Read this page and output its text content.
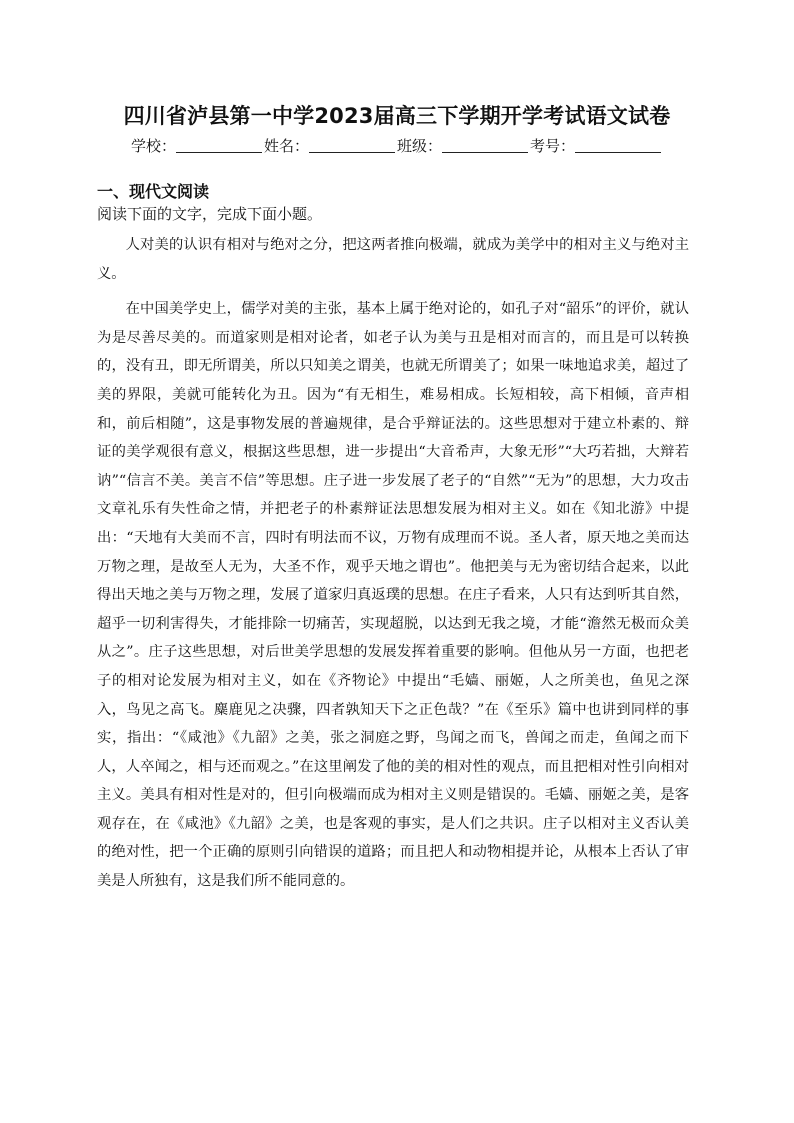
四川省泸县第一中学2023届高三下学期开学考试语文试卷
学校：	姓名：	班级：	考号：
一、现代文阅读
阅读下面的文字，完成下面小题。

人对美的认识有相对与绝对之分，把这两者推向极端，就成为美学中的相对主义与绝对主义。

在中国美学史上，儒学对美的主张，基本上属于绝对论的，如孔子对“韶乐”的评价，就认为是尽善尽美的。而道家则是相对论者，如老子认为美与丑是相对而言的，而且是可以转换的，没有丑，即无所谓美，所以只知美之谓美，也就无所谓美了；如果一味地追求美，超过了美的界限，美就可能转化为丑。因为“有无相生，难易相成。长短相较，高下相倾，音声相和，前后相随”，这是事物发展的普遍规律，是合乎辩证法的。这些思想对于建立朴素的、辩证的美学观很有意义，根据这些思想，进一步提出“大音希声，大象无形”“大巧若拙，大辩若讷”“信言不美。美言不信”等思想。庄子进一步发展了老子的“自然”“无为”的思想，大力攻击文章礼乐有失性命之情，并把老子的朴素辩证法思想发展为相对主义。如在《知北游》中提出：“天地有大美而不言，四时有明法而不议，万物有成理而不说。圣人者，原天地之美而达万物之理，是故至人无为，大圣不作，观乎天地之谓也”。他把美与无为密切结合起来，以此得出天地之美与万物之理，发展了道家归真返璞的思想。在庄子看来，人只有达到听其自然，超乎一切利害得失，才能排除一切痛苦，实现超脱，以达到无我之境，才能“澹然无极而众美从之”。庄子这些思想，对后世美学思想的发展发挥着重要的影响。但他从另一方面，也把老子的相对论发展为相对主义，如在《齐物论》中提出“毛嫱、丽姬，人之所美也，鱼见之深入，鸟见之高飞。麋鹿见之决骤，四者孰知天下之正色哉？”在《至乐》篇中也讲到同样的事实，指出：“《咸池》《九韶》之美，张之洞庭之野，鸟闻之而飞，兽闻之而走，鱼闻之而下人，人卒闻之，相与还而观之。”在这里阐发了他的美的相对性的观点，而且把相对性引向相对主义。美具有相对性是对的，但引向极端而成为相对主义则是错误的。毛嫱、丽姬之美，是客观存在，在《咸池》《九韶》之美，也是客观的事实，是人们之共识。庄子以相对主义否认美的绝对性，把一个正确的原则引向错误的道路；而且把人和动物相提并论，从根本上否认了审美是人所独有，这是我们所不能同意的。
